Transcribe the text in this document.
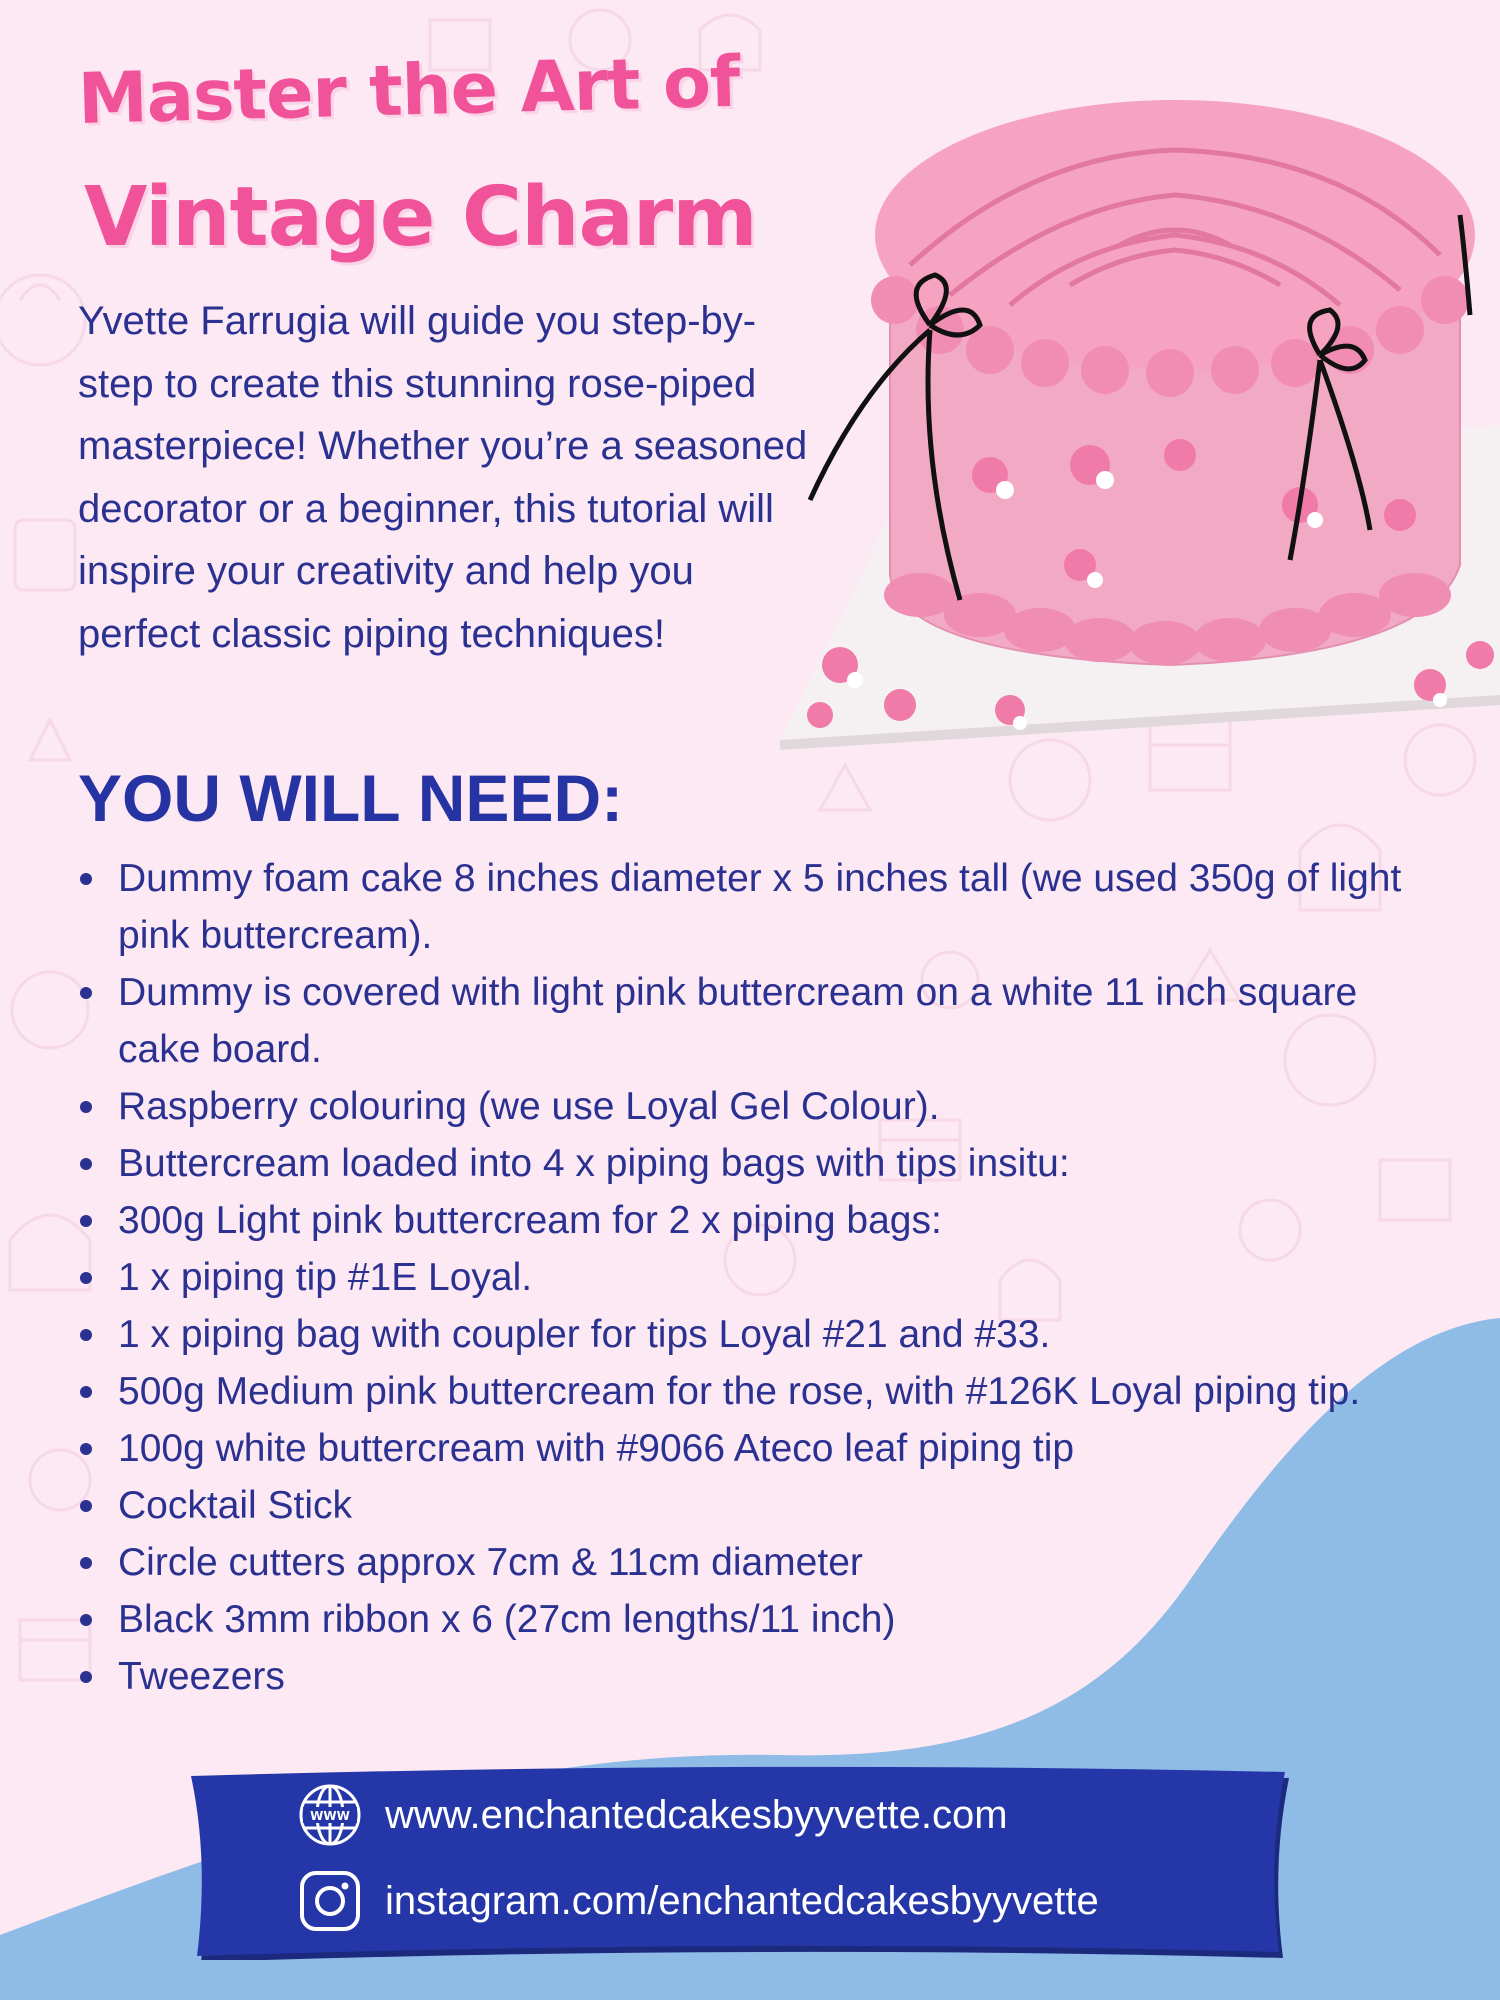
Master the Art of
Vintage Charm

Yvette Farrugia will guide you step-by-step to create this stunning rose-piped masterpiece! Whether you’re a seasoned decorator or a beginner, this tutorial will inspire your creativity and help you perfect classic piping techniques!

YOU WILL NEED:
Dummy foam cake 8 inches diameter x 5 inches tall (we used 350g of light pink buttercream).
Dummy is covered with light pink buttercream on a white 11 inch square cake board.
Raspberry colouring (we use Loyal Gel Colour).
Buttercream loaded into 4 x piping bags with tips insitu:
300g Light pink buttercream for 2 x piping bags:
1 x piping tip #1E Loyal.
1 x piping bag with coupler for tips Loyal #21 and #33.
500g Medium pink buttercream for the rose, with #126K Loyal piping tip.
100g white buttercream with #9066 Ateco leaf piping tip
Cocktail Stick
Circle cutters approx 7cm & 11cm diameter
Black 3mm ribbon x 6 (27cm lengths/11 inch)
Tweezers
WWW www.enchantedcakesbyyvette.com
instagram.com/enchantedcakesbyyvette
